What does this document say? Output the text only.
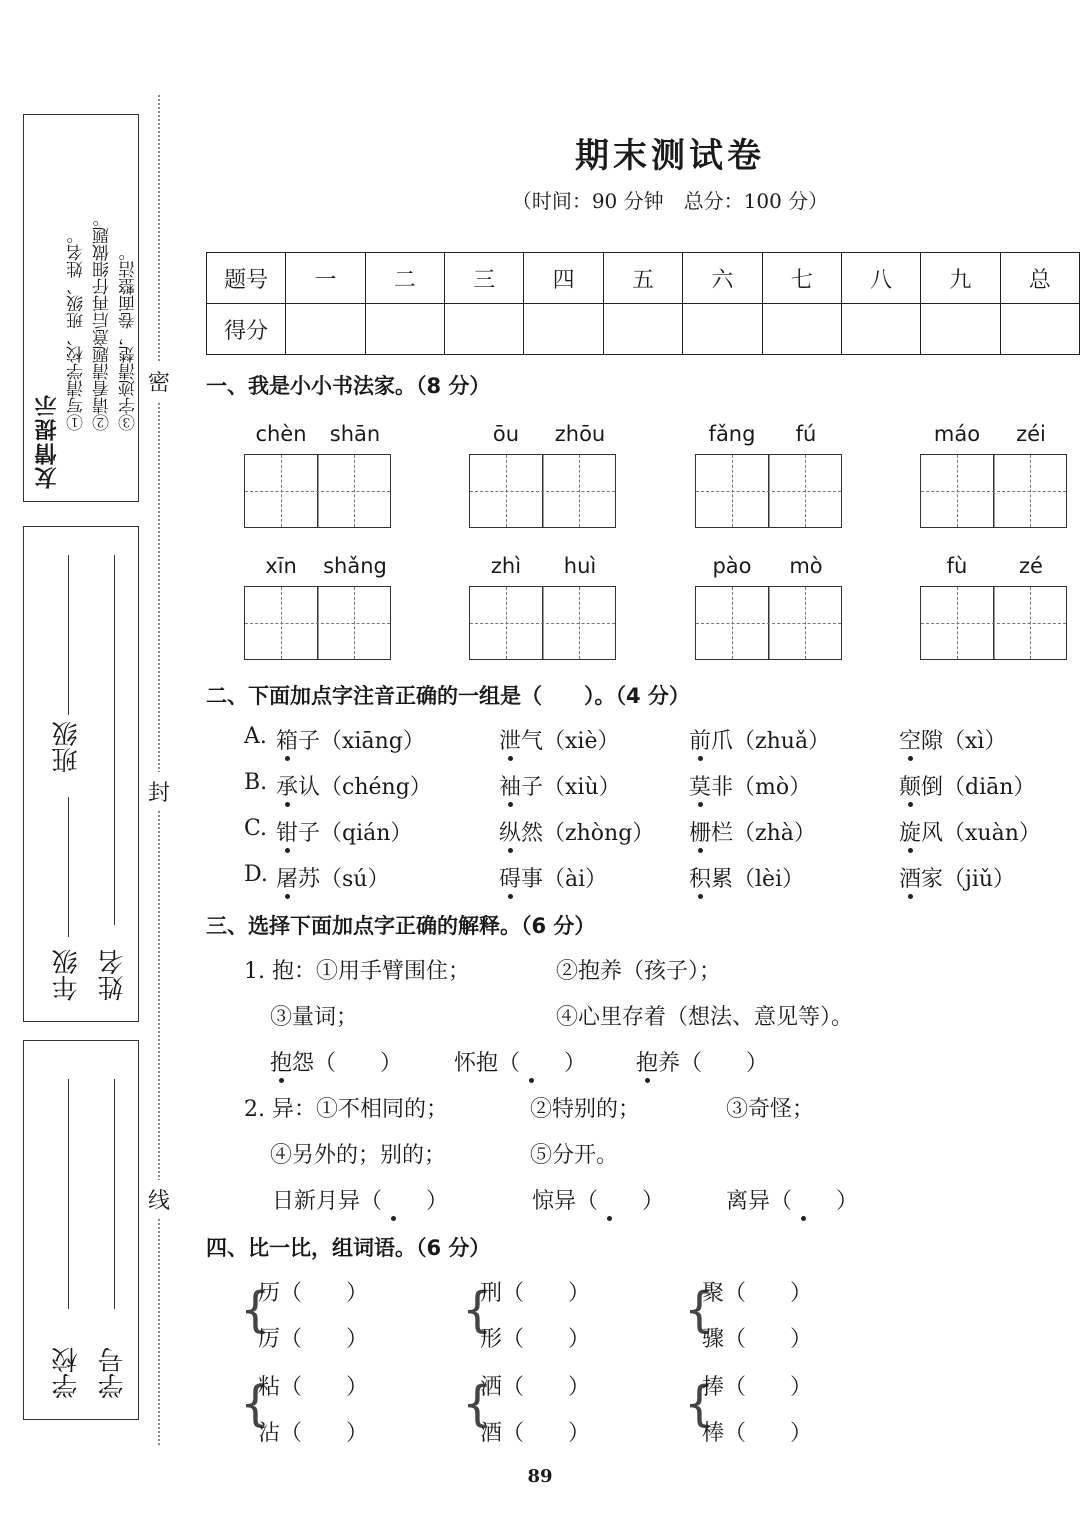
友情提示
①写清学校、班级、姓名。 ②请看清题意后再仔细做题。 ③字迹清楚，卷面整洁。
年级
班级
姓名
学校 学号
密
封
线
期末测试卷
（时间：90 分钟　总分：100 分）
题号	一	二	三	四	五	六	七	八	九	总
得分										
一、我是小小书法家。（8 分）
chèn	shān	ōu	zhōu	fǎng	fú	máo	zéi
xīn	shǎng	zhì	huì	pào	mò	fù	zé
二、下面加点字注音正确的一组是（　　）。（4 分）
A. 箱子（xiāng）	泄气（xiè）	前爪（zhuǎ）	空隙（xì）
B. 承认（chéng）	袖子（xiù）	莫非（mò）	颠倒（diān）
C. 钳子（qián）	纵然（zhòng） 栅栏（zhà）	旋风（xuàn）
D. 屠苏（sú）	碍事（ài）	积累（lèi）	酒家（jiǔ）
三、选择下面加点字正确的解释。（6 分）
1. 抱：①用手臂围住；	②抱养（孩子）；
③量词；	④心里存着（想法、意见等）。
抱怨（　　） 怀抱（　　） 抱养（　　）
2. 异：①不相同的；	②特别的；	③奇怪；
④另外的；别的；	⑤分开。
日新月异（　　）	惊异（　　）	离异（　　）
四、比一比，组词语。（6 分）
{
历（　　）
厉（　　）
{
刑（　　）
形（　　）
{
聚（　　）
骤（　　）
{
粘（　　）
沾（　　）
{
洒（　　）
酒（　　）
{
捧（　　）
棒（　　）
89
